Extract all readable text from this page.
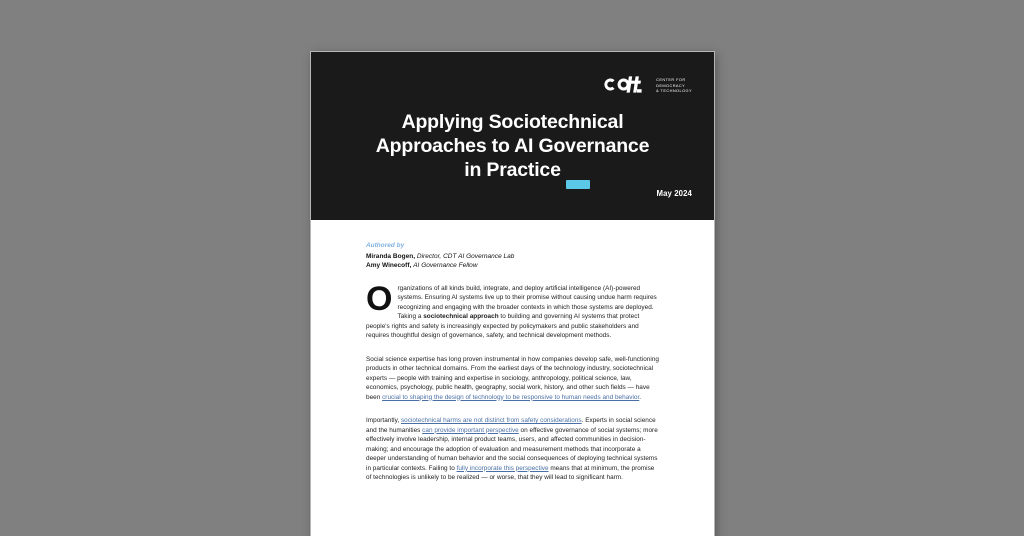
CENTER FOR
DEMOCRACY
& TECHNOLOGY
Applying Sociotechnical
Approaches to AI Governance
in Practice
May 2024
Authored by
Miranda Bogen, Director, CDT AI Governance Lab
Amy Winecoff, AI Governance Fellow

Organizations of all kinds build, integrate, and deploy artificial intelligence (AI)-powered systems. Ensuring AI systems live up to their promise without causing undue harm requires recognizing and engaging with the broader contexts in which those systems are deployed. Taking a sociotechnical approach to building and governing AI systems that protect people's rights and safety is increasingly expected by policymakers and public stakeholders and requires thoughtful design of governance, safety, and technical development methods.

Social science expertise has long proven instrumental in how companies develop safe, well-functioning products in other technical domains. From the earliest days of the technology industry, sociotechnical experts — people with training and expertise in sociology, anthropology, political science, law, economics, psychology, public health, geography, social work, history, and other such fields — have been crucial to shaping the design of technology to be responsive to human needs and behavior.

Importantly, sociotechnical harms are not distinct from safety considerations. Experts in social science and the humanities can provide important perspective on effective governance of social systems; more effectively involve leadership, internal product teams, users, and affected communities in decision-making; and encourage the adoption of evaluation and measurement methods that incorporate a deeper understanding of human behavior and the social consequences of deploying technical systems in particular contexts. Failing to fully incorporate this perspective means that at minimum, the promise of technologies is unlikely to be realized — or worse, that they will lead to significant harm.
